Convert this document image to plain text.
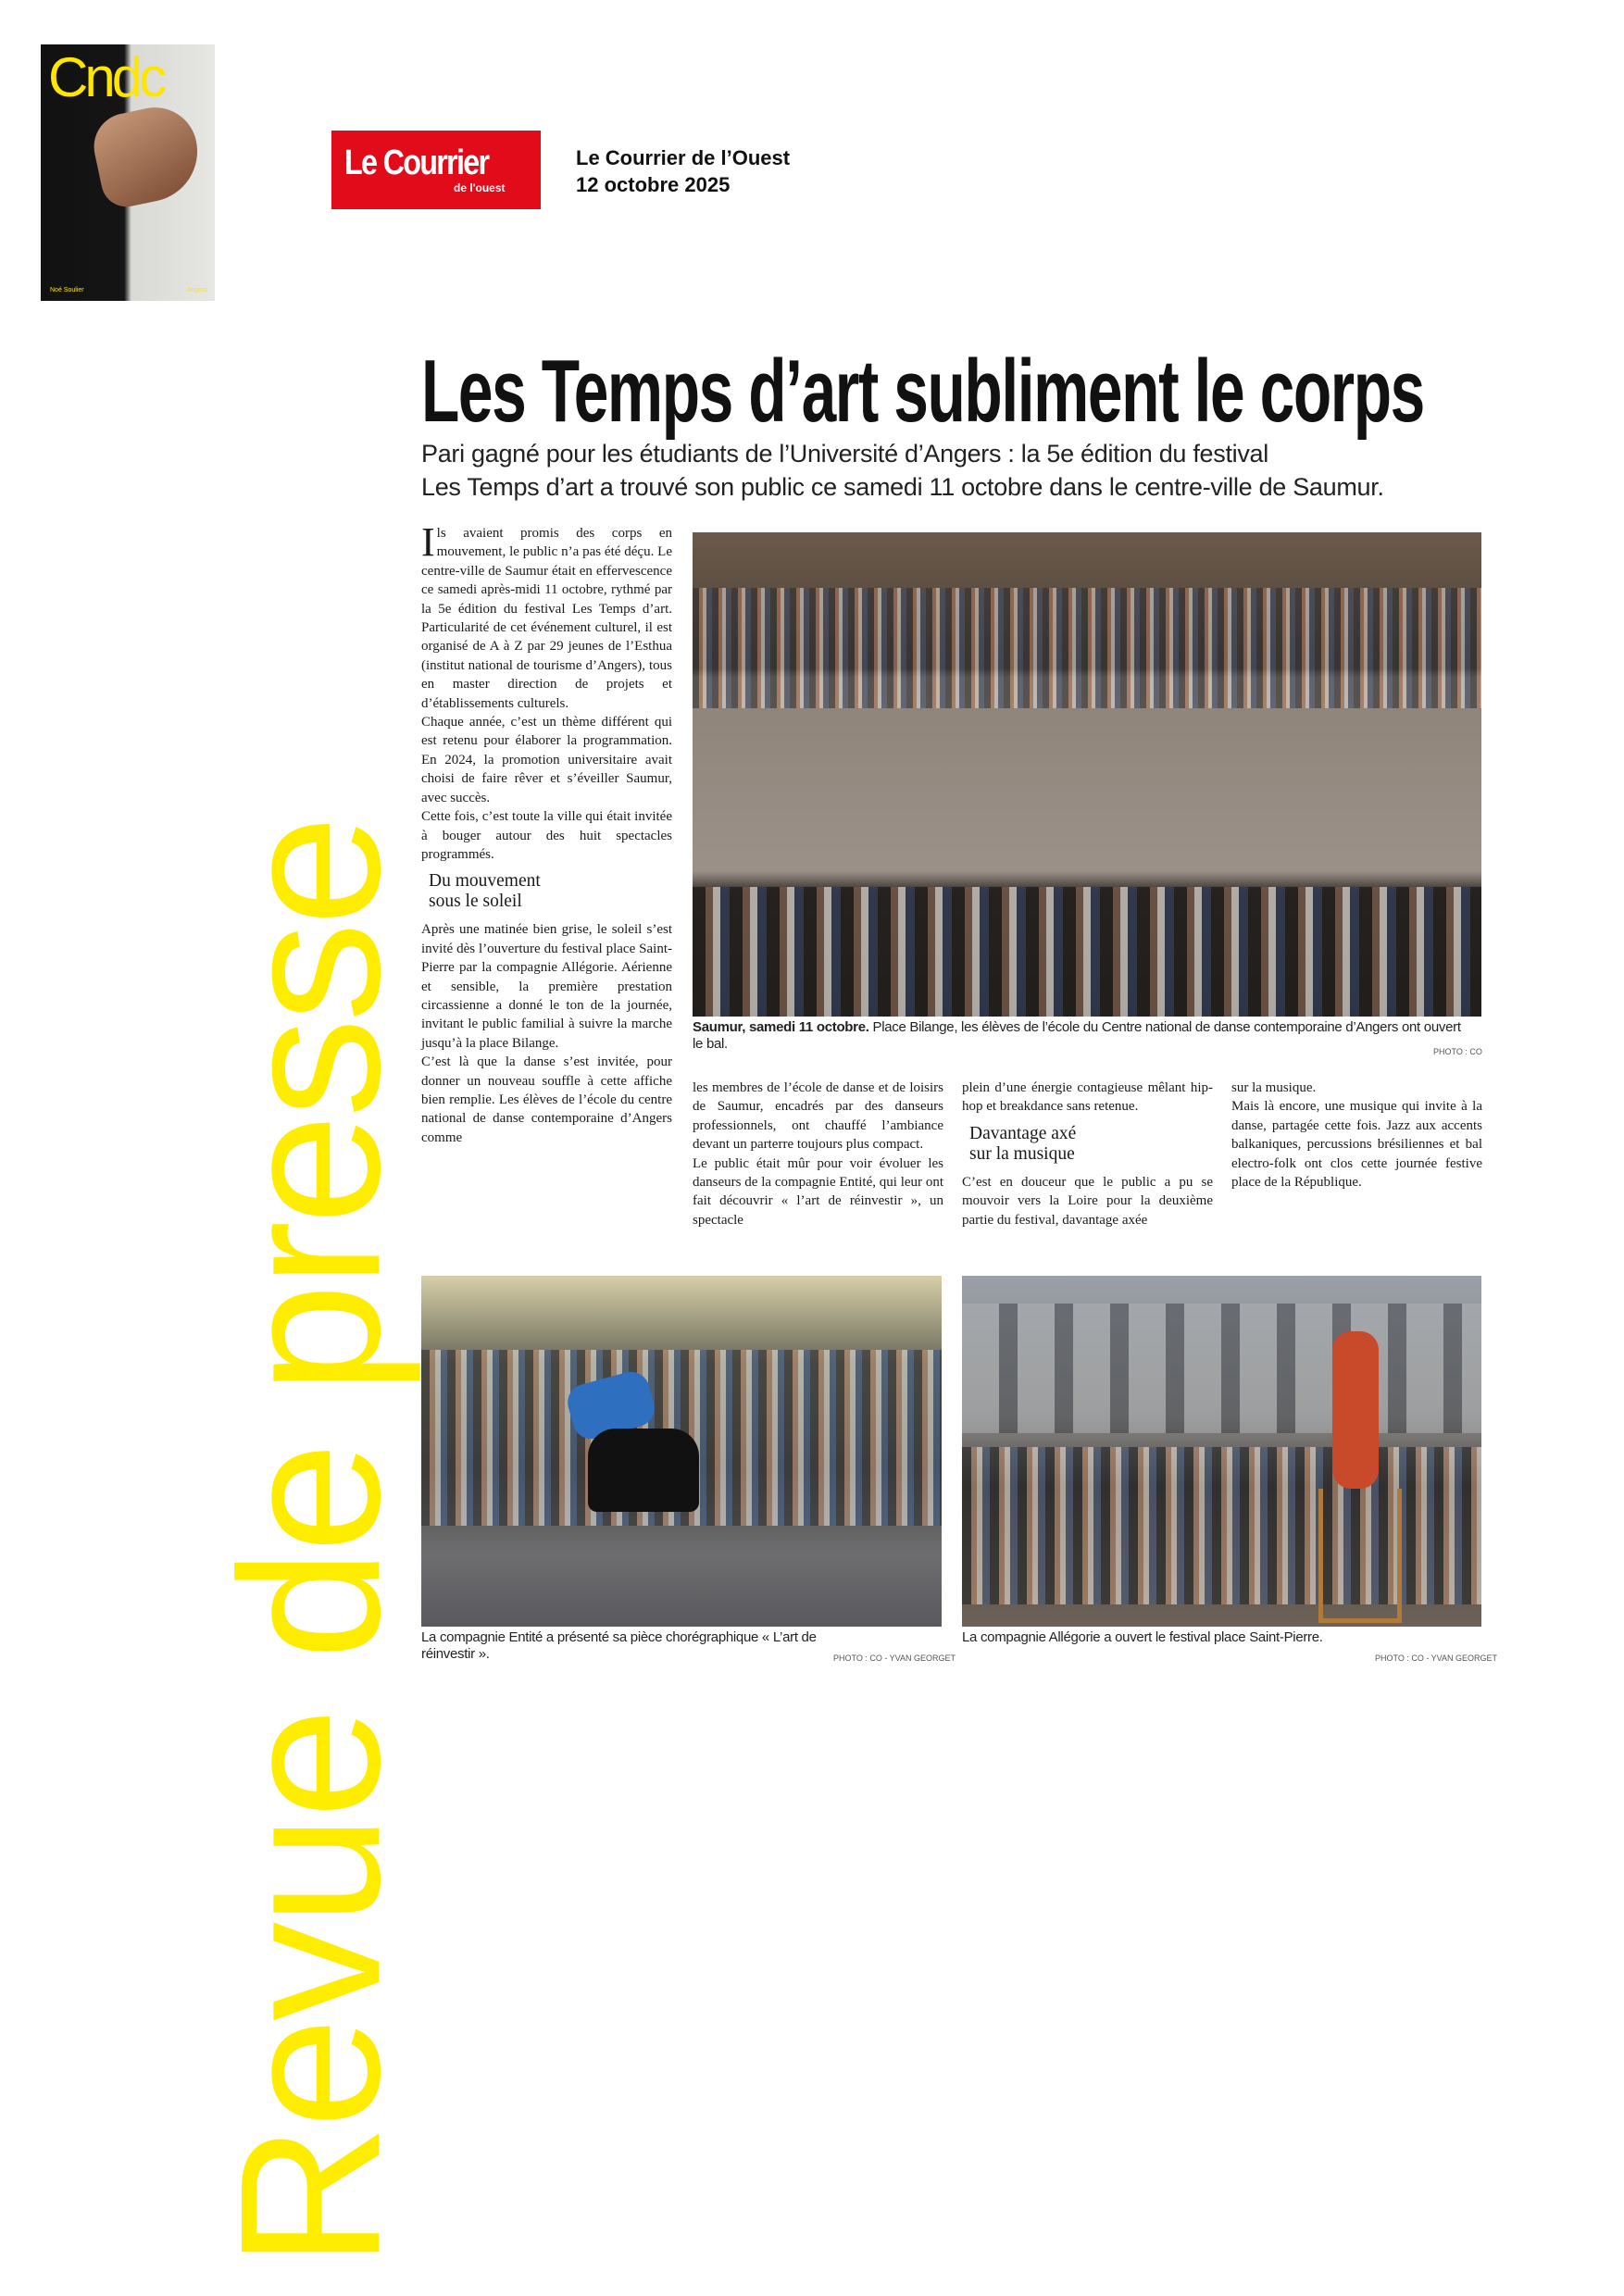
Cndc
Noé Soulier	Angers
Le Courrier
de l'ouest
Le Courrier de l’Ouest
12 octobre 2025
Les Temps d’art subliment le corps
Pari gagné pour les étudiants de l’Université d’Angers : la 5e édition du festival
Les Temps d’art a trouvé son public ce samedi 11 octobre dans le centre-ville de Saumur.

Ils avaient promis des corps en mouvement, le public n’a pas été déçu. Le centre-ville de Saumur était en effervescence ce samedi après-midi 11 octobre, rythmé par la 5e édition du festival Les Temps d’art. Particularité de cet événement culturel, il est organisé de A à Z par 29 jeunes de l’Esthua (institut national de tourisme d’Angers), tous en master direction de projets et d’établissements culturels.

Chaque année, c’est un thème différent qui est retenu pour élaborer la programmation. En 2024, la promotion universitaire avait choisi de faire rêver et s’éveiller Saumur, avec succès.

Cette fois, c’est toute la ville qui était invitée à bouger autour des huit spectacles programmés.

Du mouvement
sous le soleil

Après une matinée bien grise, le soleil s’est invité dès l’ouverture du festival place Saint-Pierre par la compagnie Allégorie. Aérienne et sensible, la première prestation circassienne a donné le ton de la journée, invitant le public familial à suivre la marche jusqu’à la place Bilange.

C’est là que la danse s’est invitée, pour donner un nouveau souffle à cette affiche bien remplie. Les élèves de l’école du centre national de danse contemporaine d’Angers comme

Saumur, samedi 11 octobre. Place Bilange, les élèves de l’école du Centre national de danse contemporaine d’Angers ont ouvert le bal.	PHOTO : CO

les membres de l’école de danse et de loisirs de Saumur, encadrés par des danseurs professionnels, ont chauffé l’ambiance devant un parterre toujours plus compact.

Le public était mûr pour voir évoluer les danseurs de la compagnie Entité, qui leur ont fait découvrir « l’art de réinvestir », un spectacle

plein d’une énergie contagieuse mêlant hip-hop et breakdance sans retenue.

Davantage axé
sur la musique

C’est en douceur que le public a pu se mouvoir vers la Loire pour la deuxième partie du festival, davantage axée

sur la musique.

Mais là encore, une musique qui invite à la danse, partagée cette fois. Jazz aux accents balkaniques, percussions brésiliennes et bal electro-folk ont clos cette journée festive place de la République.

La compagnie Entité a présenté sa pièce chorégraphique « L’art de réinvestir ».	PHOTO : CO - YVAN GEORGET
La compagnie Allégorie a ouvert le festival place Saint-Pierre.
PHOTO : CO - YVAN GEORGET
Revue de presse
